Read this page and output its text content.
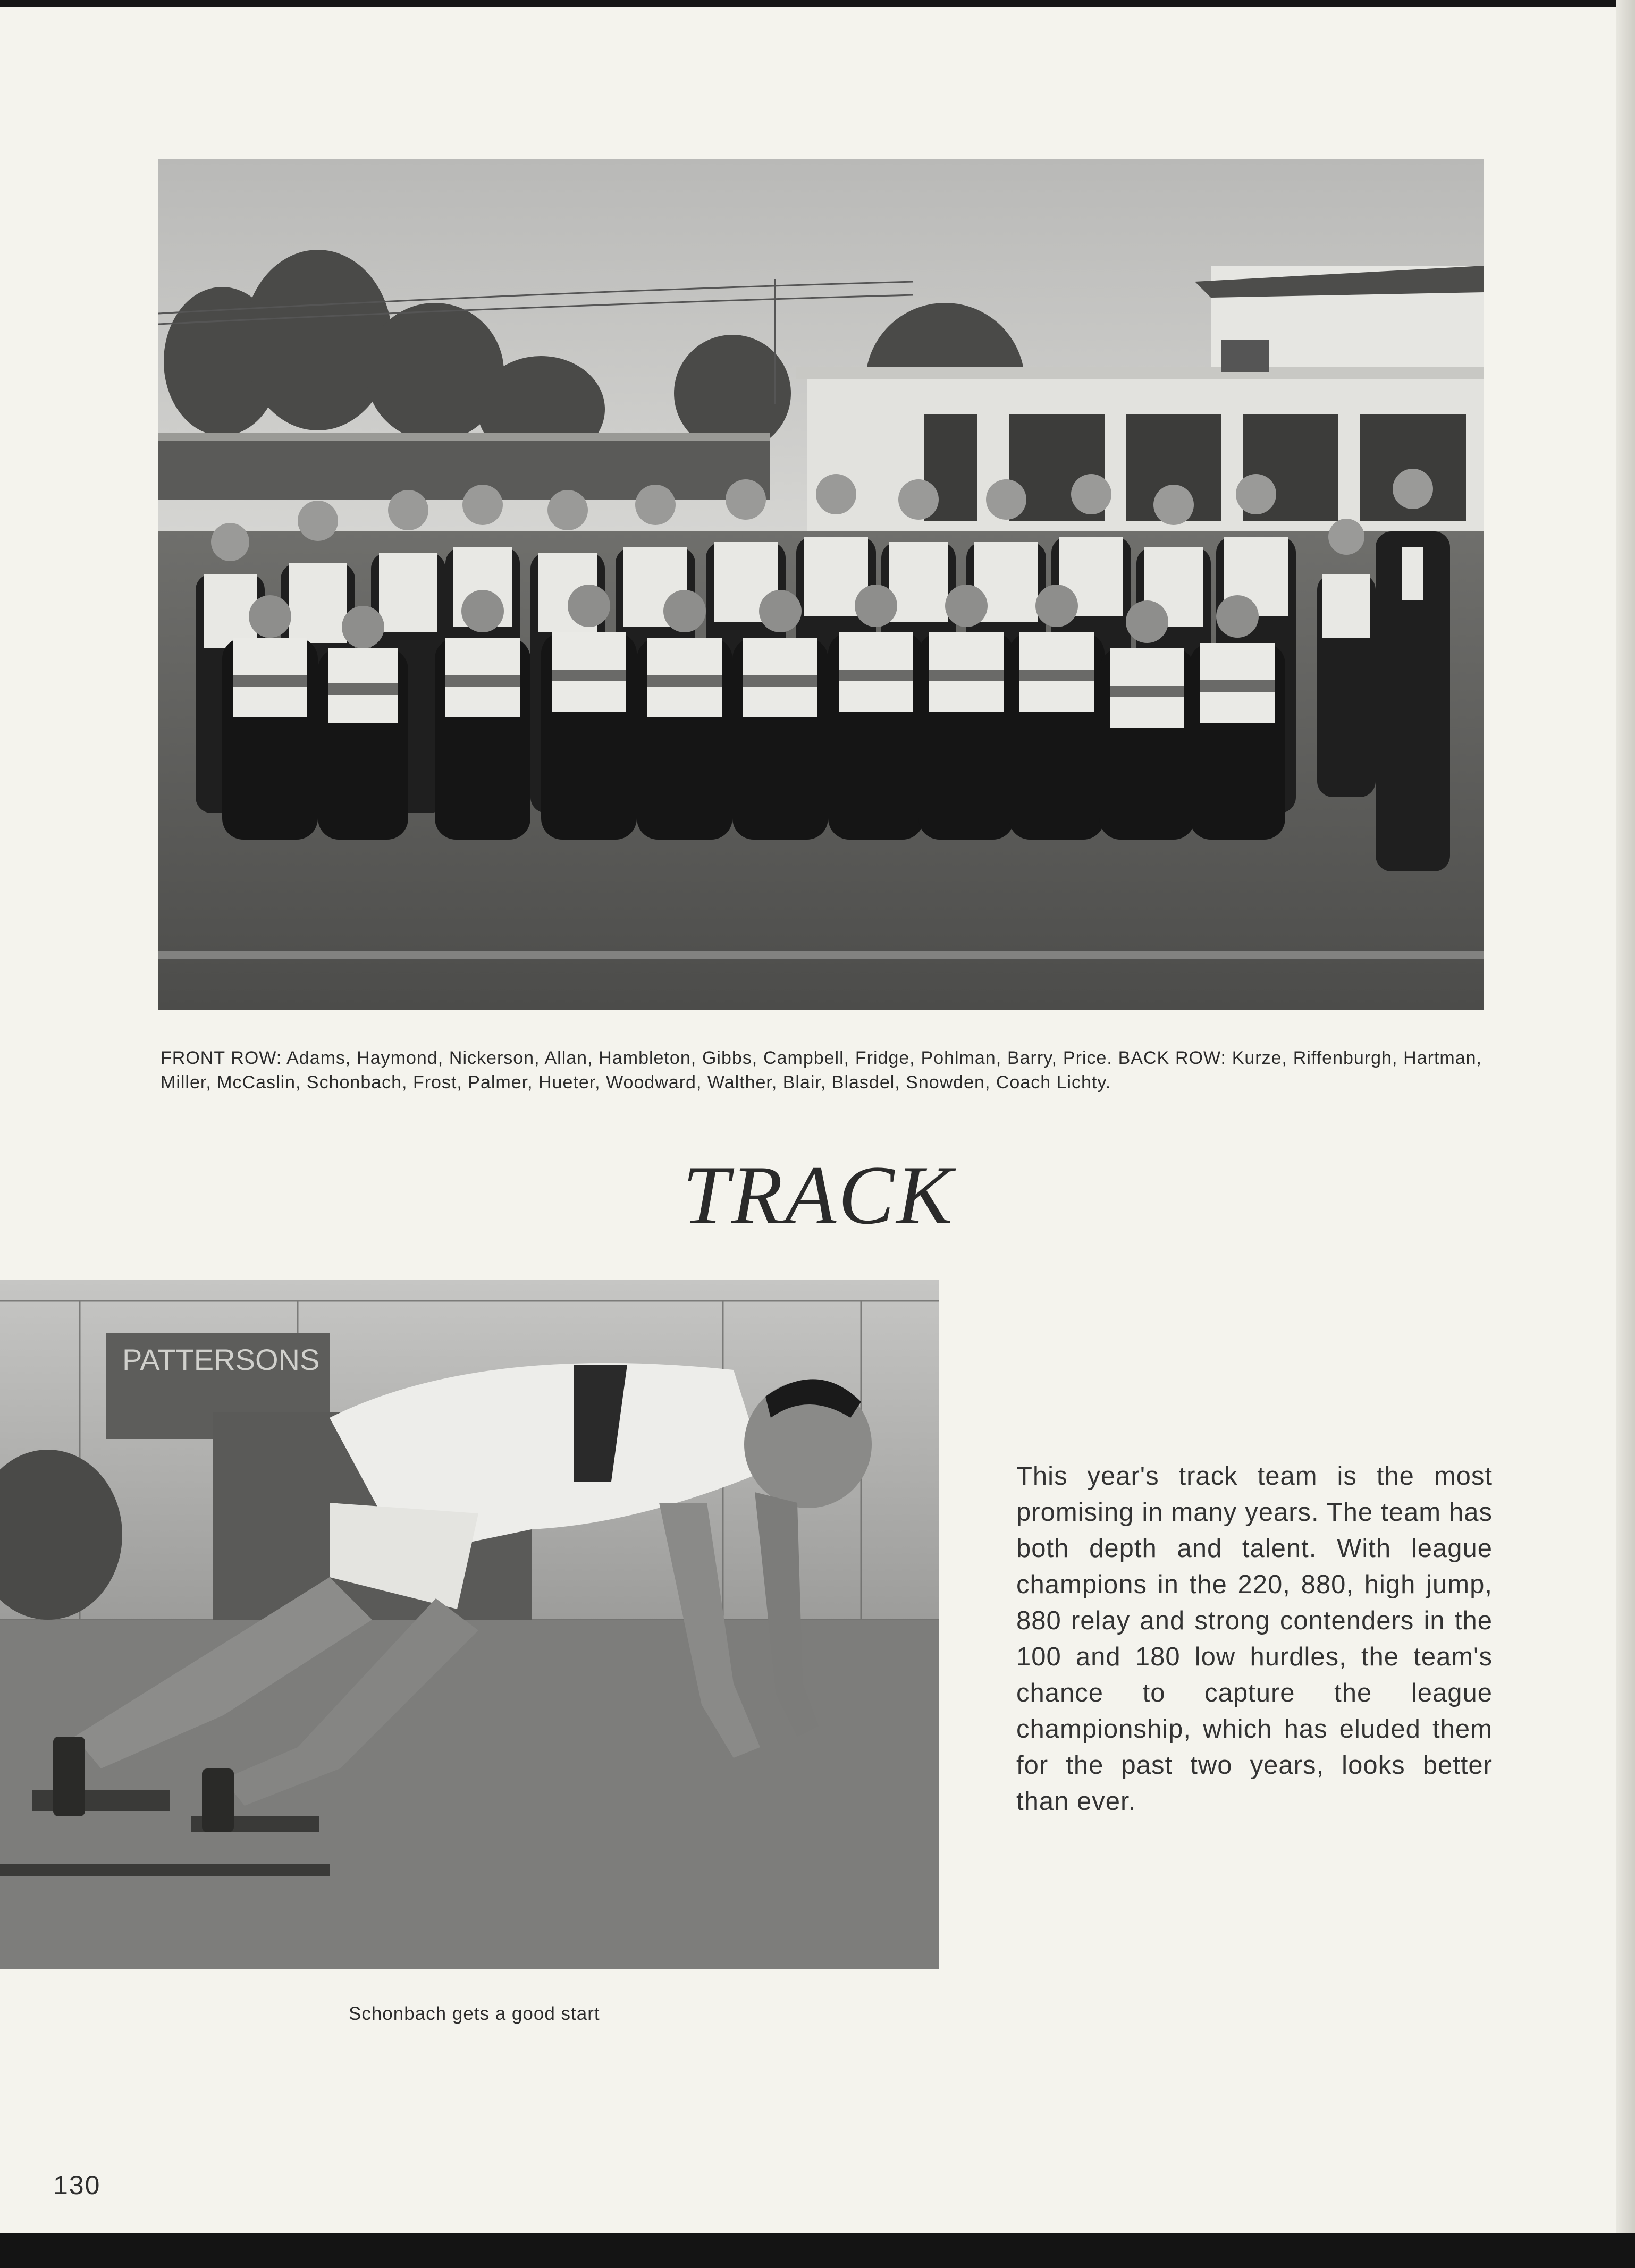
FRONT ROW: Adams, Haymond, Nickerson, Allan, Hambleton, Gibbs, Campbell, Fridge, Pohlman, Barry, Price. BACK ROW: Kurze, Riffenburgh, Hartman, Miller, McCaslin, Schonbach, Frost, Palmer, Hueter, Woodward, Walther, Blair, Blasdel, Snowden, Coach Lichty.
TRACK
PATTERSONS
This year's track team is the most promising in many years. The team has both depth and talent. With league champions in the 220, 880, high jump, 880 relay and strong contenders in the 100 and 180 low hurdles, the team's chance to capture the league championship, which has eluded them for the past two years, looks better than ever.
Schonbach gets a good start
130
